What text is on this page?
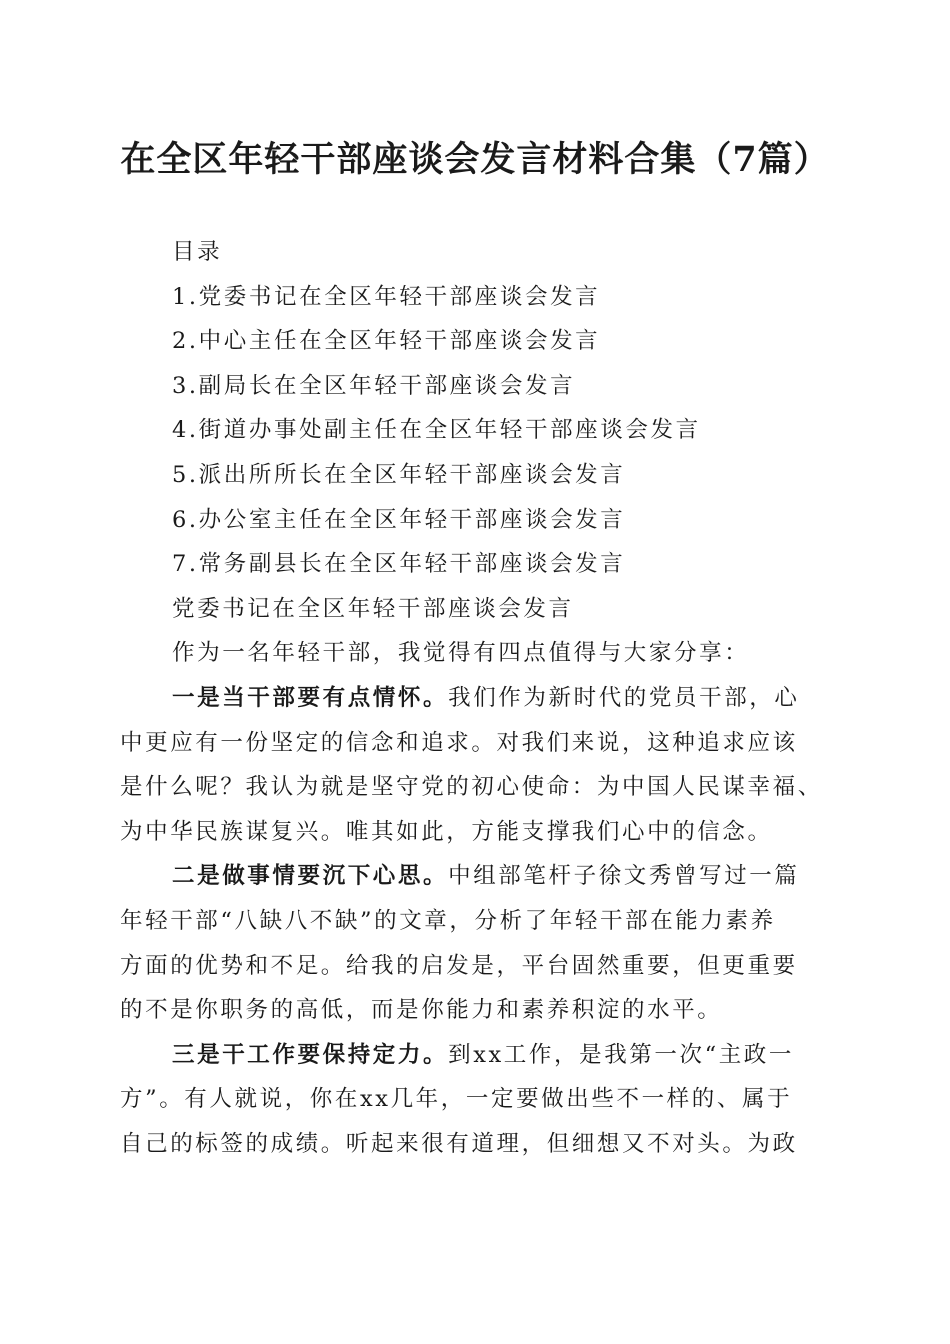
在全区年轻干部座谈会发言材料合集（7篇）

目录

1.党委书记在全区年轻干部座谈会发言

2.中心主任在全区年轻干部座谈会发言

3.副局长在全区年轻干部座谈会发言

4.街道办事处副主任在全区年轻干部座谈会发言

5.派出所所长在全区年轻干部座谈会发言

6.办公室主任在全区年轻干部座谈会发言

7.常务副县长在全区年轻干部座谈会发言

党委书记在全区年轻干部座谈会发言

作为一名年轻干部，我觉得有四点值得与大家分享：

一是当干部要有点情怀。我们作为新时代的党员干部，心

中更应有一份坚定的信念和追求。对我们来说，这种追求应该

是什么呢？我认为就是坚守党的初心使命：为中国人民谋幸福、

为中华民族谋复兴。唯其如此，方能支撑我们心中的信念。

二是做事情要沉下心思。中组部笔杆子徐文秀曾写过一篇

年轻干部“八缺八不缺”的文章，分析了年轻干部在能力素养

方面的优势和不足。给我的启发是，平台固然重要，但更重要

的不是你职务的高低，而是你能力和素养积淀的水平。

三是干工作要保持定力。到xx工作，是我第一次“主政一

方”。有人就说，你在xx几年，一定要做出些不一样的、属于

自己的标签的成绩。听起来很有道理，但细想又不对头。为政
